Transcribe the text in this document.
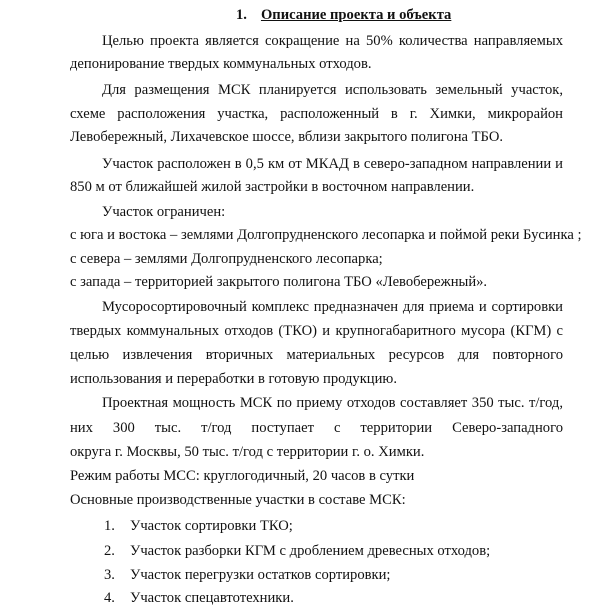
1. Описание проекта и объекта
Целью проекта является сокращение на 50% количества направляемых
депонирование твердых коммунальных отходов.
Для размещения МСК планируется использовать земельный участок,
схеме расположения участка, расположенный в г. Химки, микрорайон
Левобережный, Лихачевское шоссе, вблизи закрытого полигона ТБО.
Участок расположен в 0,5 км от МКАД в северо-западном направлении и
850 м от ближайшей жилой застройки в восточном направлении.
Участок ограничен:
с юга и востока – землями Долгопрудненского лесопарка и поймой реки Бусинка ;
с севера – землями Долгопрудненского лесопарка;
с запада – территорией закрытого полигона ТБО «Левобережный».
Мусоросортировочный комплекс предназначен для приема и сортировки
твердых коммунальных отходов (ТКО) и крупногабаритного мусора (КГМ) с
целью извлечения вторичных материальных ресурсов для повторного
использования и переработки в готовую продукцию.
Проектная мощность МСК по приему отходов составляет 350 тыс. т/год,
них 300 тыс. т/год поступает с территории Северо-западного
округа г. Москвы, 50 тыс. т/год с территории г. о. Химки.
Режим работы МСС: круглогодичный, 20 часов в сутки
Основные производственные участки в составе МСК:
1. Участок сортировки ТКО;
2. Участок разборки КГМ с дроблением древесных отходов;
3. Участок перегрузки остатков сортировки;
4. Участок спецавтотехники.
